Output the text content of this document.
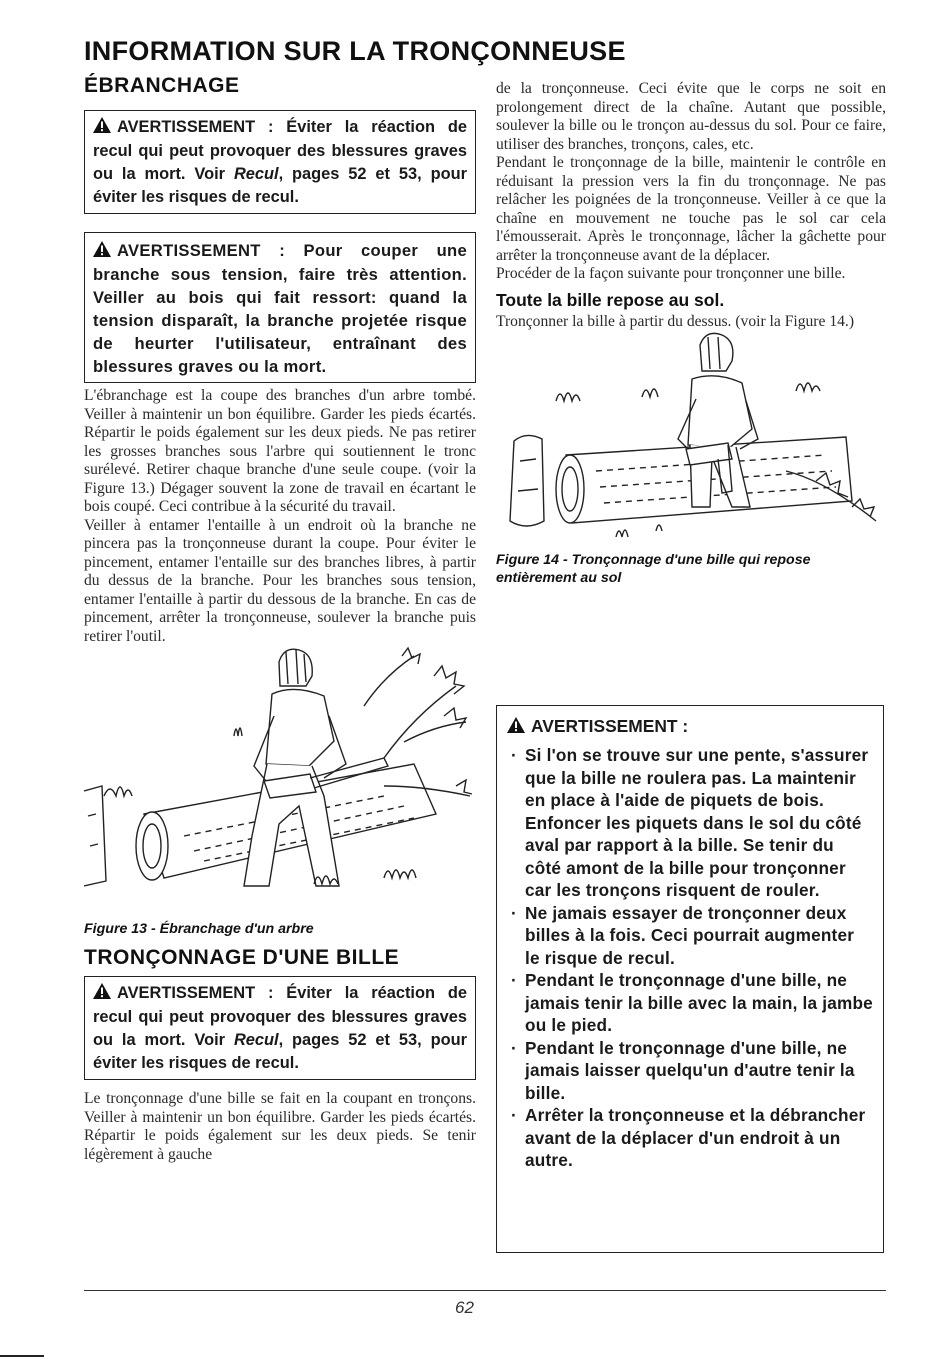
INFORMATION SUR LA TRONÇONNEUSE
ÉBRANCHAGE
AVERTISSEMENT : Éviter la réaction de recul qui peut provoquer des blessures graves ou la mort. Voir Recul, pages 52 et 53, pour éviter les risques de recul.
AVERTISSEMENT : Pour couper une branche sous tension, faire très attention. Veiller au bois qui fait ressort: quand la tension disparaît, la branche projetée risque de heurter l'utilisateur, entraînant des blessures graves ou la mort.

L'ébranchage est la coupe des branches d'un arbre tombé. Veiller à maintenir un bon équilibre. Garder les pieds écartés. Répartir le poids également sur les deux pieds. Ne pas retirer les grosses branches sous l'arbre qui soutiennent le tronc surélevé. Retirer chaque branche d'une seule coupe. (voir la Figure 13.) Dégager souvent la zone de travail en écartant le bois coupé. Ceci contribue à la sécurité du travail.

Veiller à entamer l'entaille à un endroit où la branche ne pincera pas la tronçonneuse durant la coupe. Pour éviter le pincement, entamer l'entaille sur des branches libres, à partir du dessus de la branche. Pour les branches sous tension, entamer l'entaille à partir du dessous de la branche. En cas de pincement, arrêter la tronçonneuse, soulever la branche puis retirer l'outil.

Figure 13 - Ébranchage d'un arbre
TRONÇONNAGE D'UNE BILLE
AVERTISSEMENT : Éviter la réaction de recul qui peut provoquer des blessures graves ou la mort. Voir Recul, pages 52 et 53, pour éviter les risques de recul.

Le tronçonnage d'une bille se fait en la coupant en tronçons. Veiller à maintenir un bon équilibre. Garder les pieds écartés. Répartir le poids également sur les deux pieds. Se tenir légèrement à gauche

de la tronçonneuse. Ceci évite que le corps ne soit en prolongement direct de la chaîne. Autant que possible, soulever la bille ou le tronçon au-dessus du sol. Pour ce faire, utiliser des branches, tronçons, cales, etc.

Pendant le tronçonnage de la bille, maintenir le contrôle en réduisant la pression vers la fin du tronçonnage. Ne pas relâcher les poignées de la tronçonneuse. Veiller à ce que la chaîne en mouvement ne touche pas le sol car cela l'émousserait. Après le tronçonnage, lâcher la gâchette pour arrêter la tronçonneuse avant de la déplacer.

Procéder de la façon suivante pour tronçonner une bille.

Toute la bille repose au sol.

Tronçonner la bille à partir du dessus. (voir la Figure 14.)

Figure 14 - Tronçonnage d'une bille qui repose entièrement au sol
AVERTISSEMENT :
· Si l'on se trouve sur une pente, s'assurer que la bille ne roulera pas. La maintenir en place à l'aide de piquets de bois. Enfoncer les piquets dans le sol du côté aval par rapport à la bille. Se tenir du côté amont de la bille pour tronçonner car les tronçons risquent de rouler.
· Ne jamais essayer de tronçonner deux billes à la fois. Ceci pourrait augmenter le risque de recul.
· Pendant le tronçonnage d'une bille, ne jamais tenir la bille avec la main, la jambe ou le pied.
· Pendant le tronçonnage d'une bille, ne jamais laisser quelqu'un d'autre tenir la bille.
· Arrêter la tronçonneuse et la débrancher avant de la déplacer d'un endroit à un autre.
62
